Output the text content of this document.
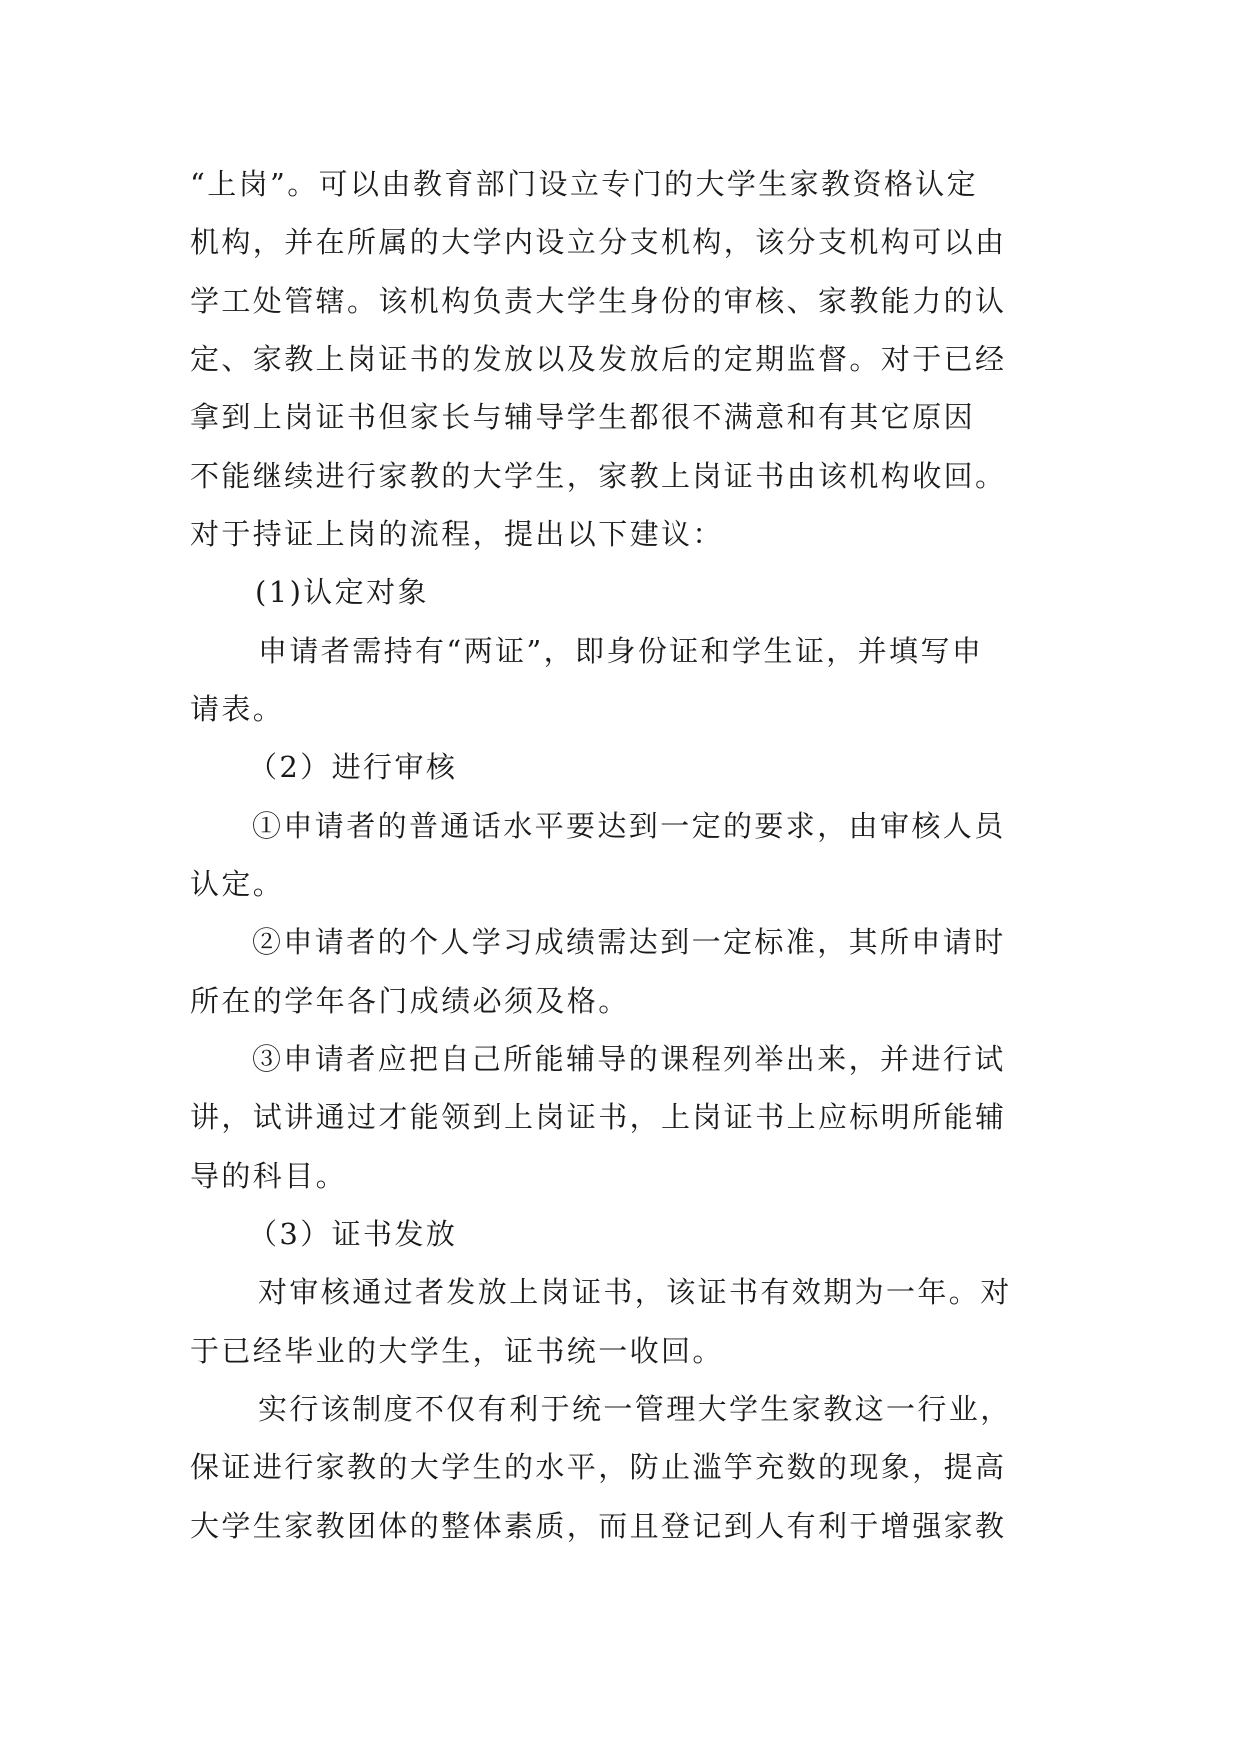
“上岗”。可以由教育部门设立专门的大学生家教资格认定
机构，并在所属的大学内设立分支机构，该分支机构可以由
学工处管辖。该机构负责大学生身份的审核、家教能力的认
定、家教上岗证书的发放以及发放后的定期监督。对于已经
拿到上岗证书但家长与辅导学生都很不满意和有其它原因
不能继续进行家教的大学生，家教上岗证书由该机构收回。
对于持证上岗的流程，提出以下建议：
(1)认定对象
申请者需持有“两证”，即身份证和学生证，并填写申
请表。
（2）进行审核
①申请者的普通话水平要达到一定的要求，由审核人员
认定。
②申请者的个人学习成绩需达到一定标准，其所申请时
所在的学年各门成绩必须及格。
③申请者应把自己所能辅导的课程列举出来，并进行试
讲，试讲通过才能领到上岗证书，上岗证书上应标明所能辅
导的科目。
（3）证书发放
对审核通过者发放上岗证书，该证书有效期为一年。对
于已经毕业的大学生，证书统一收回。
实行该制度不仅有利于统一管理大学生家教这一行业，
保证进行家教的大学生的水平，防止滥竽充数的现象，提高
大学生家教团体的整体素质，而且登记到人有利于增强家教
